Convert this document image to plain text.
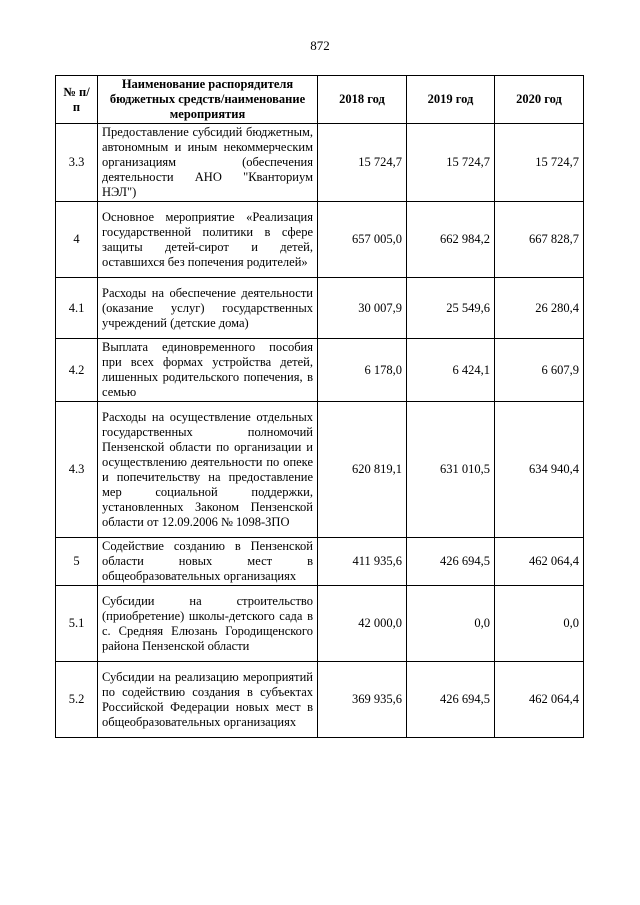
872
№ п/п	Наименование распорядителя бюджетных средств/наименование мероприятия	2018 год	2019 год	2020 год
3.3	Предоставление субсидий бюджетным, автономным и иным некоммерческим организациям (обеспечения деятельности АНО "Кванториум НЭЛ")	15 724,7	15 724,7	15 724,7
4	Основное мероприятие «Реализация государственной политики в сфере защиты детей-сирот и детей, оставшихся без попечения родителей»	657 005,0	662 984,2	667 828,7
4.1	Расходы на обеспечение деятельности (оказание услуг) государственных учреждений (детские дома)	30 007,9	25 549,6	26 280,4
4.2	Выплата единовременного пособия при всех формах устройства детей, лишенных родительского попечения, в семью	6 178,0	6 424,1	6 607,9
4.3	Расходы на осуществление отдельных государственных полномочий Пензенской области по организации и осуществлению деятельности по опеке и попечительству на предоставление мер социальной поддержки, установленных Законом Пензенской области от 12.09.2006 № 1098-ЗПО	620 819,1	631 010,5	634 940,4
5	Содействие созданию в Пензенской области новых мест в общеобразовательных организациях	411 935,6	426 694,5	462 064,4
5.1	Субсидии на строительство (приобретение) школы-детского сада в с. Средняя Елюзань Городищенского района Пензенской области	42 000,0	0,0	0,0
5.2	Субсидии на реализацию мероприятий по содействию создания в субъектах Российской Федерации новых мест в общеобразовательных организациях	369 935,6	426 694,5	462 064,4
